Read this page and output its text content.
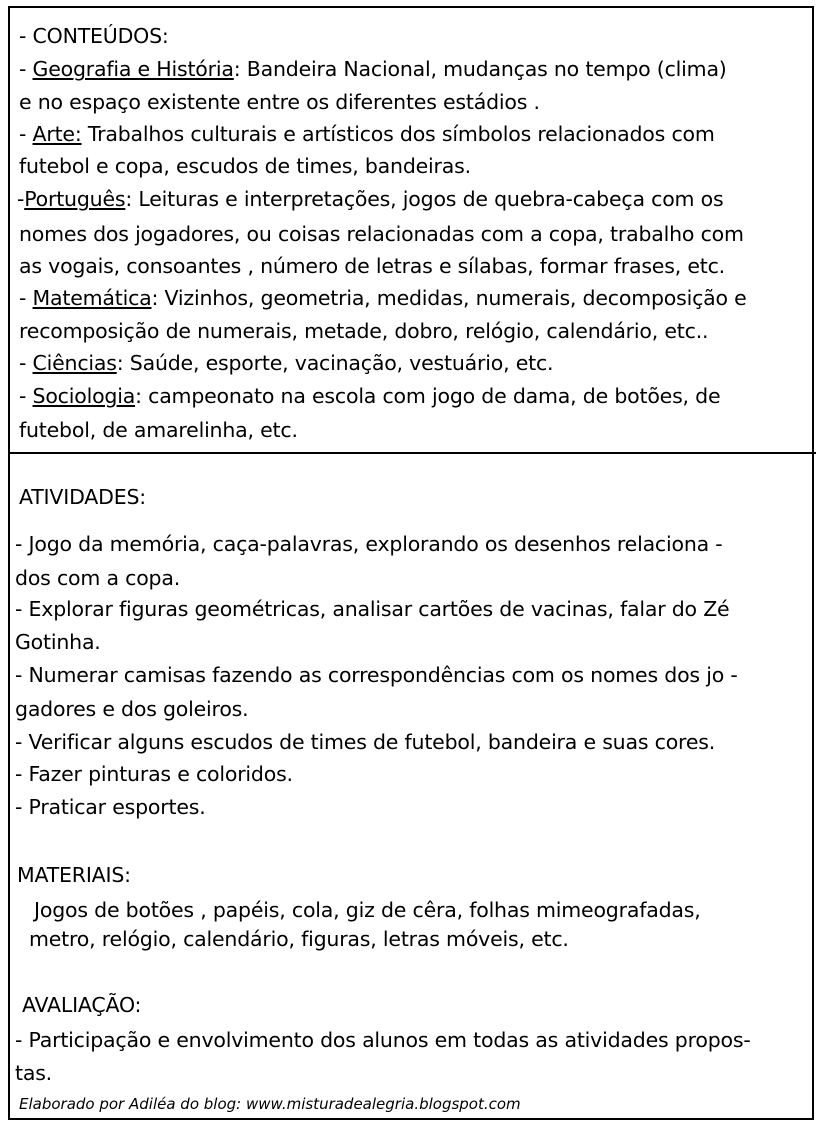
- CONTEÚDOS:
- Geografia e História: Bandeira Nacional, mudanças no tempo (clima)
e no espaço existente entre os diferentes estádios .
- Arte: Trabalhos culturais e artísticos dos símbolos relacionados com
futebol e copa, escudos de times, bandeiras.
-Português: Leituras e interpretações, jogos de quebra-cabeça com os
nomes dos jogadores, ou coisas relacionadas com a copa, trabalho com
as vogais, consoantes , número de letras e sílabas, formar frases, etc.
- Matemática: Vizinhos, geometria, medidas, numerais, decomposição e
recomposição de numerais, metade, dobro, relógio, calendário, etc..
- Ciências: Saúde, esporte, vacinação, vestuário, etc.
- Sociologia: campeonato na escola com jogo de dama, de botões, de
futebol, de amarelinha, etc.
ATIVIDADES:
- Jogo da memória, caça-palavras, explorando os desenhos relaciona -
dos com a copa.
- Explorar figuras geométricas, analisar cartões de vacinas, falar do Zé
Gotinha.
- Numerar camisas fazendo as correspondências com os nomes dos jo -
gadores e dos goleiros.
- Verificar alguns escudos de times de futebol, bandeira e suas cores.
- Fazer pinturas e coloridos.
- Praticar esportes.
MATERIAIS:
Jogos de botões , papéis, cola, giz de cêra, folhas mimeografadas,
metro, relógio, calendário, figuras, letras móveis, etc.
AVALIAÇÃO:
- Participação e envolvimento dos alunos em todas as atividades propos-
tas.
Elaborado por Adiléa do blog: www.misturadealegria.blogspot.com
